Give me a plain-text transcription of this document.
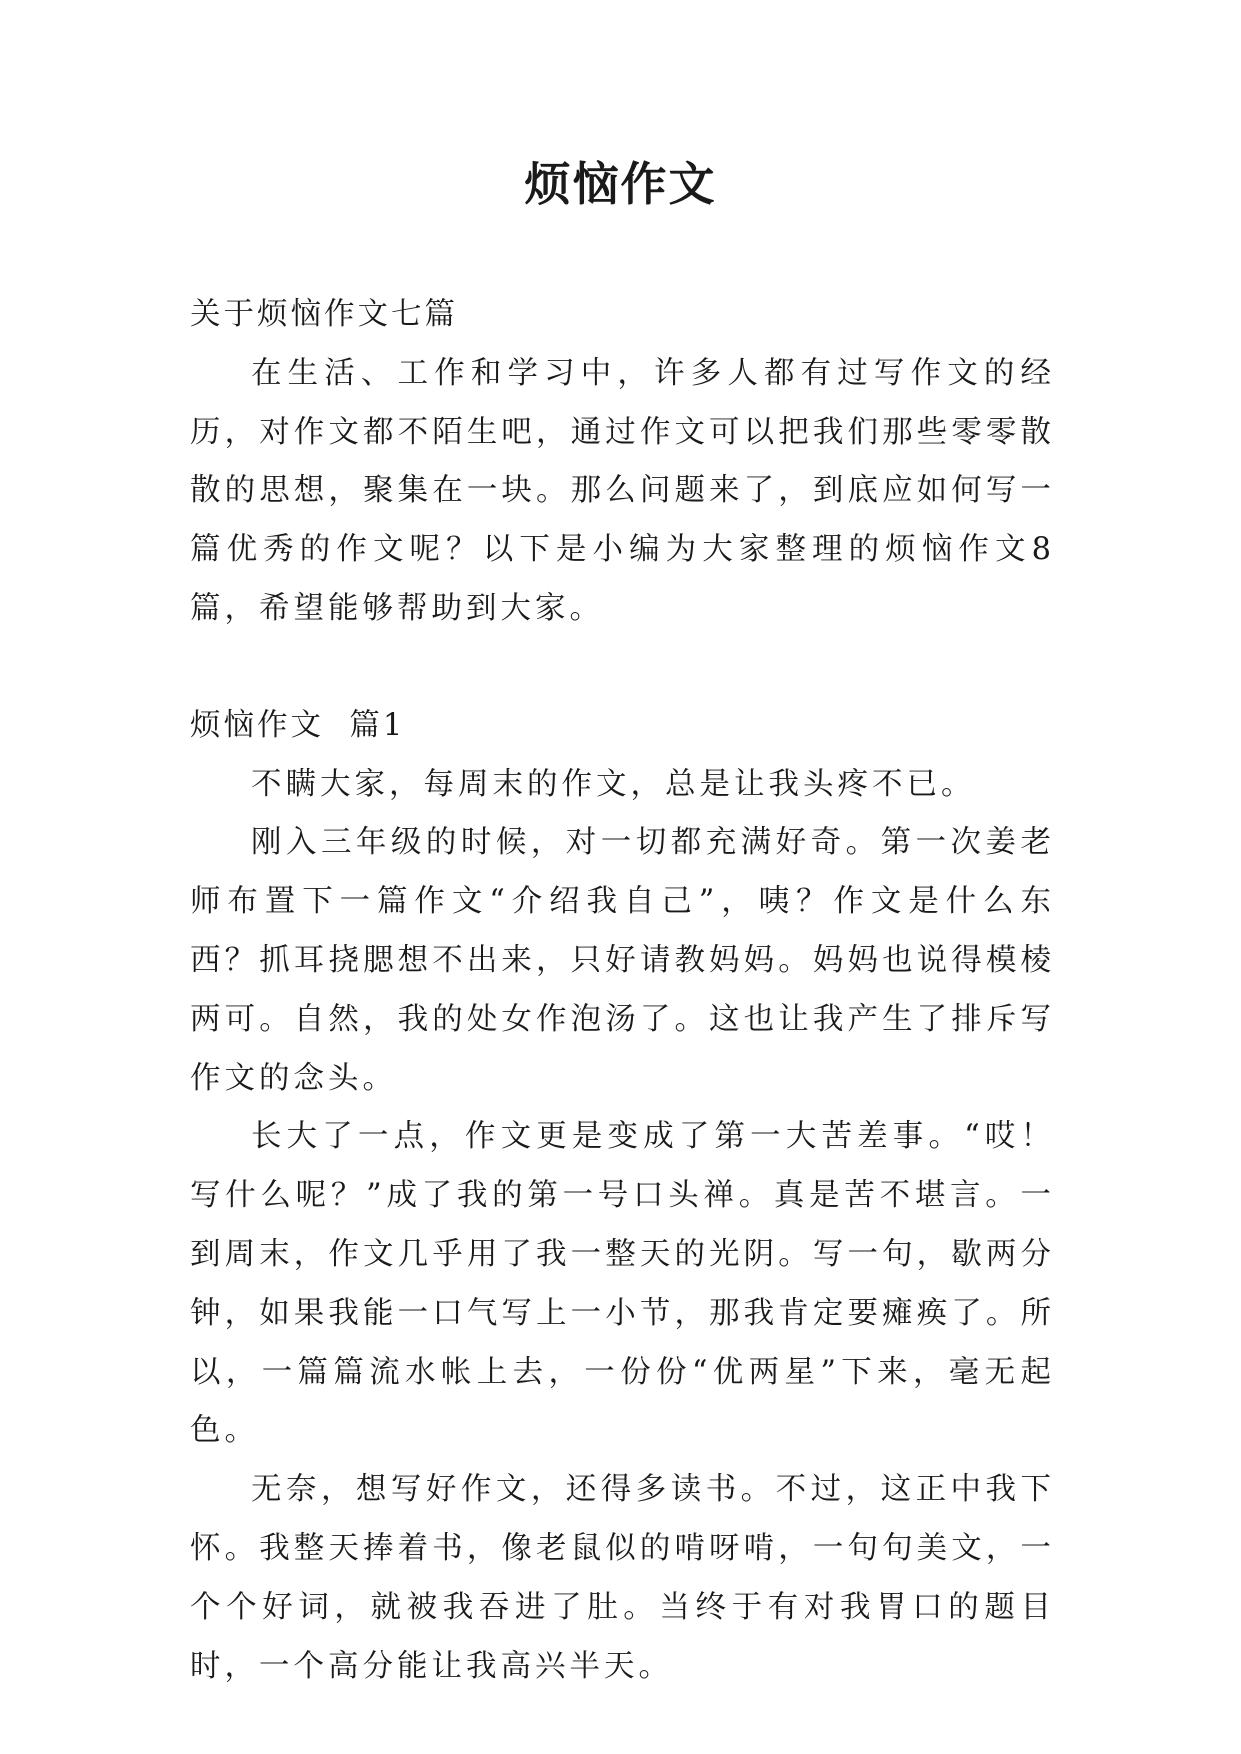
烦恼作文

关于烦恼作文七篇

在生活、工作和学习中，许多人都有过写作文的经历，对作文都不陌生吧，通过作文可以把我们那些零零散散的思想，聚集在一块。那么问题来了，到底应如何写一篇优秀的作文呢？以下是小编为大家整理的烦恼作文8篇，希望能够帮助到大家。

烦恼作文  篇1

不瞒大家，每周末的作文，总是让我头疼不已。

刚入三年级的时候，对一切都充满好奇。第一次姜老师布置下一篇作文“介绍我自己”，咦？作文是什么东西？抓耳挠腮想不出来，只好请教妈妈。妈妈也说得模棱两可。自然，我的处女作泡汤了。这也让我产生了排斥写作文的念头。

长大了一点，作文更是变成了第一大苦差事。“哎！写什么呢？”成了我的第一号口头禅。真是苦不堪言。一到周末，作文几乎用了我一整天的光阴。写一句，歇两分钟，如果我能一口气写上一小节，那我肯定要瘫痪了。所以，一篇篇流水帐上去，一份份“优两星”下来，毫无起色。

无奈，想写好作文，还得多读书。不过，这正中我下怀。我整天捧着书，像老鼠似的啃呀啃，一句句美文，一个个好词，就被我吞进了肚。当终于有对我胃口的题目时，一个高分能让我高兴半天。
